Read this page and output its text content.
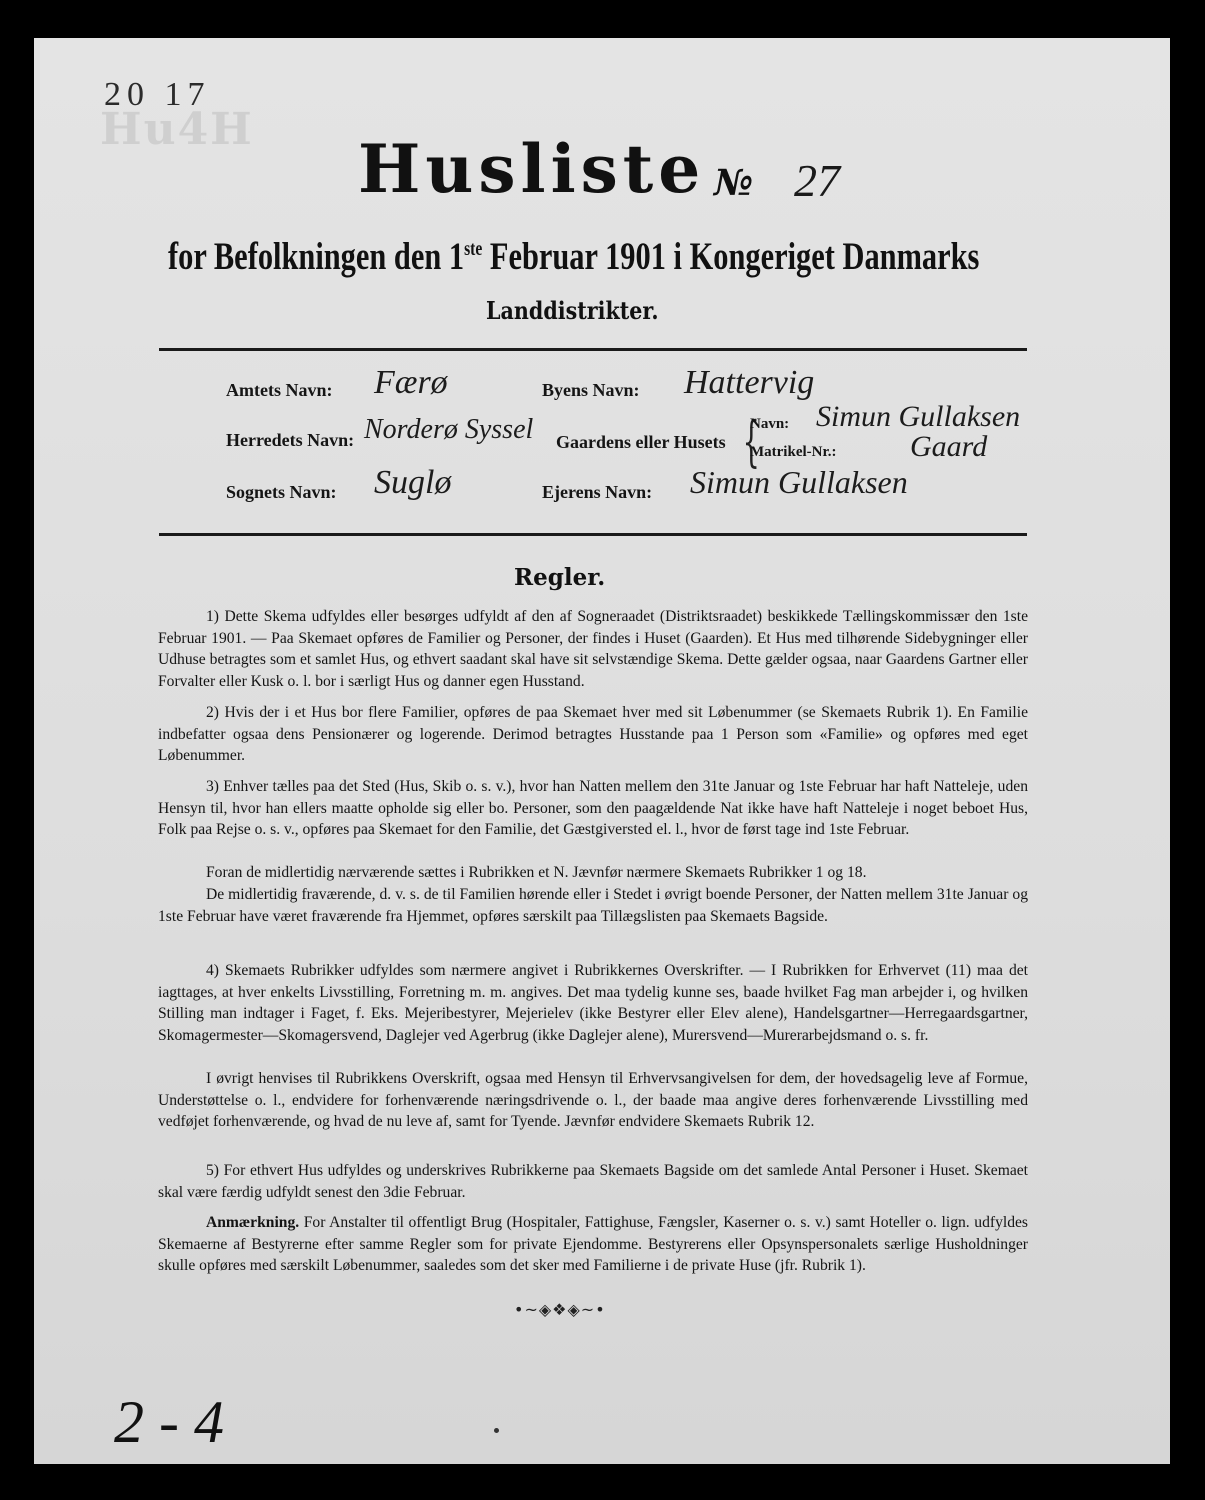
Hu4H
20 17
Husliste № 27
for Befolkningen den 1ste Februar 1901 i Kongeriget Danmarks
Landdistrikter.
Amtets Navn: Færø
Herredets Navn: Norderø Syssel
Sognets Navn: Suglø
Byens Navn: Hattervig
Gaardens eller Husets {
Navn: Simun Gullaksen
Matrikel-Nr.: Gaard
Ejerens Navn: Simun Gullaksen
Regler.
1) Dette Skema udfyldes eller besørges udfyldt af den af Sogneraadet (Distriktsraadet) beskikkede Tællingskommissær den 1ste Februar 1901. — Paa Skemaet opføres de Familier og Personer, der findes i Huset (Gaarden). Et Hus med tilhørende Sidebygninger eller Udhuse betragtes som et samlet Hus, og ethvert saadant skal have sit selvstændige Skema. Dette gælder ogsaa, naar Gaardens Gartner eller Forvalter eller Kusk o. l. bor i særligt Hus og danner egen Husstand.
2) Hvis der i et Hus bor flere Familier, opføres de paa Skemaet hver med sit Løbenummer (se Skemaets Rubrik 1). En Familie indbefatter ogsaa dens Pensionærer og logerende. Derimod betragtes Husstande paa 1 Person som «Familie» og opføres med eget Løbenummer.
3) Enhver tælles paa det Sted (Hus, Skib o. s. v.), hvor han Natten mellem den 31te Januar og 1ste Februar har haft Natteleje, uden Hensyn til, hvor han ellers maatte opholde sig eller bo. Personer, som den paagældende Nat ikke have haft Natteleje i noget beboet Hus, Folk paa Rejse o. s. v., opføres paa Skemaet for den Familie, det Gæstgiversted el. l., hvor de først tage ind 1ste Februar.
Foran de midlertidig nærværende sættes i Rubrikken et N. Jævnfør nærmere Skemaets Rubrikker 1 og 18.
De midlertidig fraværende, d. v. s. de til Familien hørende eller i Stedet i øvrigt boende Personer, der Natten mellem 31te Januar og 1ste Februar have været fraværende fra Hjemmet, opføres særskilt paa Tillægslisten paa Skemaets Bagside.
4) Skemaets Rubrikker udfyldes som nærmere angivet i Rubrikkernes Overskrifter. — I Rubrikken for Erhvervet (11) maa det iagttages, at hver enkelts Livsstilling, Forretning m. m. angives. Det maa tydelig kunne ses, baade hvilket Fag man arbejder i, og hvilken Stilling man indtager i Faget, f. Eks. Mejeribestyrer, Mejerielev (ikke Bestyrer eller Elev alene), Handelsgartner—Herregaardsgartner, Skomagermester—Skomagersvend, Daglejer ved Agerbrug (ikke Daglejer alene), Murersvend—Murerarbejdsmand o. s. fr.
I øvrigt henvises til Rubrikkens Overskrift, ogsaa med Hensyn til Erhvervsangivelsen for dem, der hovedsagelig leve af Formue, Understøttelse o. l., endvidere for forhenværende næringsdrivende o. l., der baade maa angive deres forhenværende Livsstilling med vedføjet forhenværende, og hvad de nu leve af, samt for Tyende. Jævnfør endvidere Skemaets Rubrik 12.
5) For ethvert Hus udfyldes og underskrives Rubrikkerne paa Skemaets Bagside om det samlede Antal Personer i Huset. Skemaet skal være færdig udfyldt senest den 3die Februar.
Anmærkning. For Anstalter til offentligt Brug (Hospitaler, Fattighuse, Fængsler, Kaserner o. s. v.) samt Hoteller o. lign. udfyldes Skemaerne af Bestyrerne efter samme Regler som for private Ejendomme. Bestyrerens eller Opsynspersonalets særlige Husholdninger skulle opføres med særskilt Løbenummer, saaledes som det sker med Familierne i de private Huse (jfr. Rubrik 1).
•~◈❖◈~•
2 - 4
